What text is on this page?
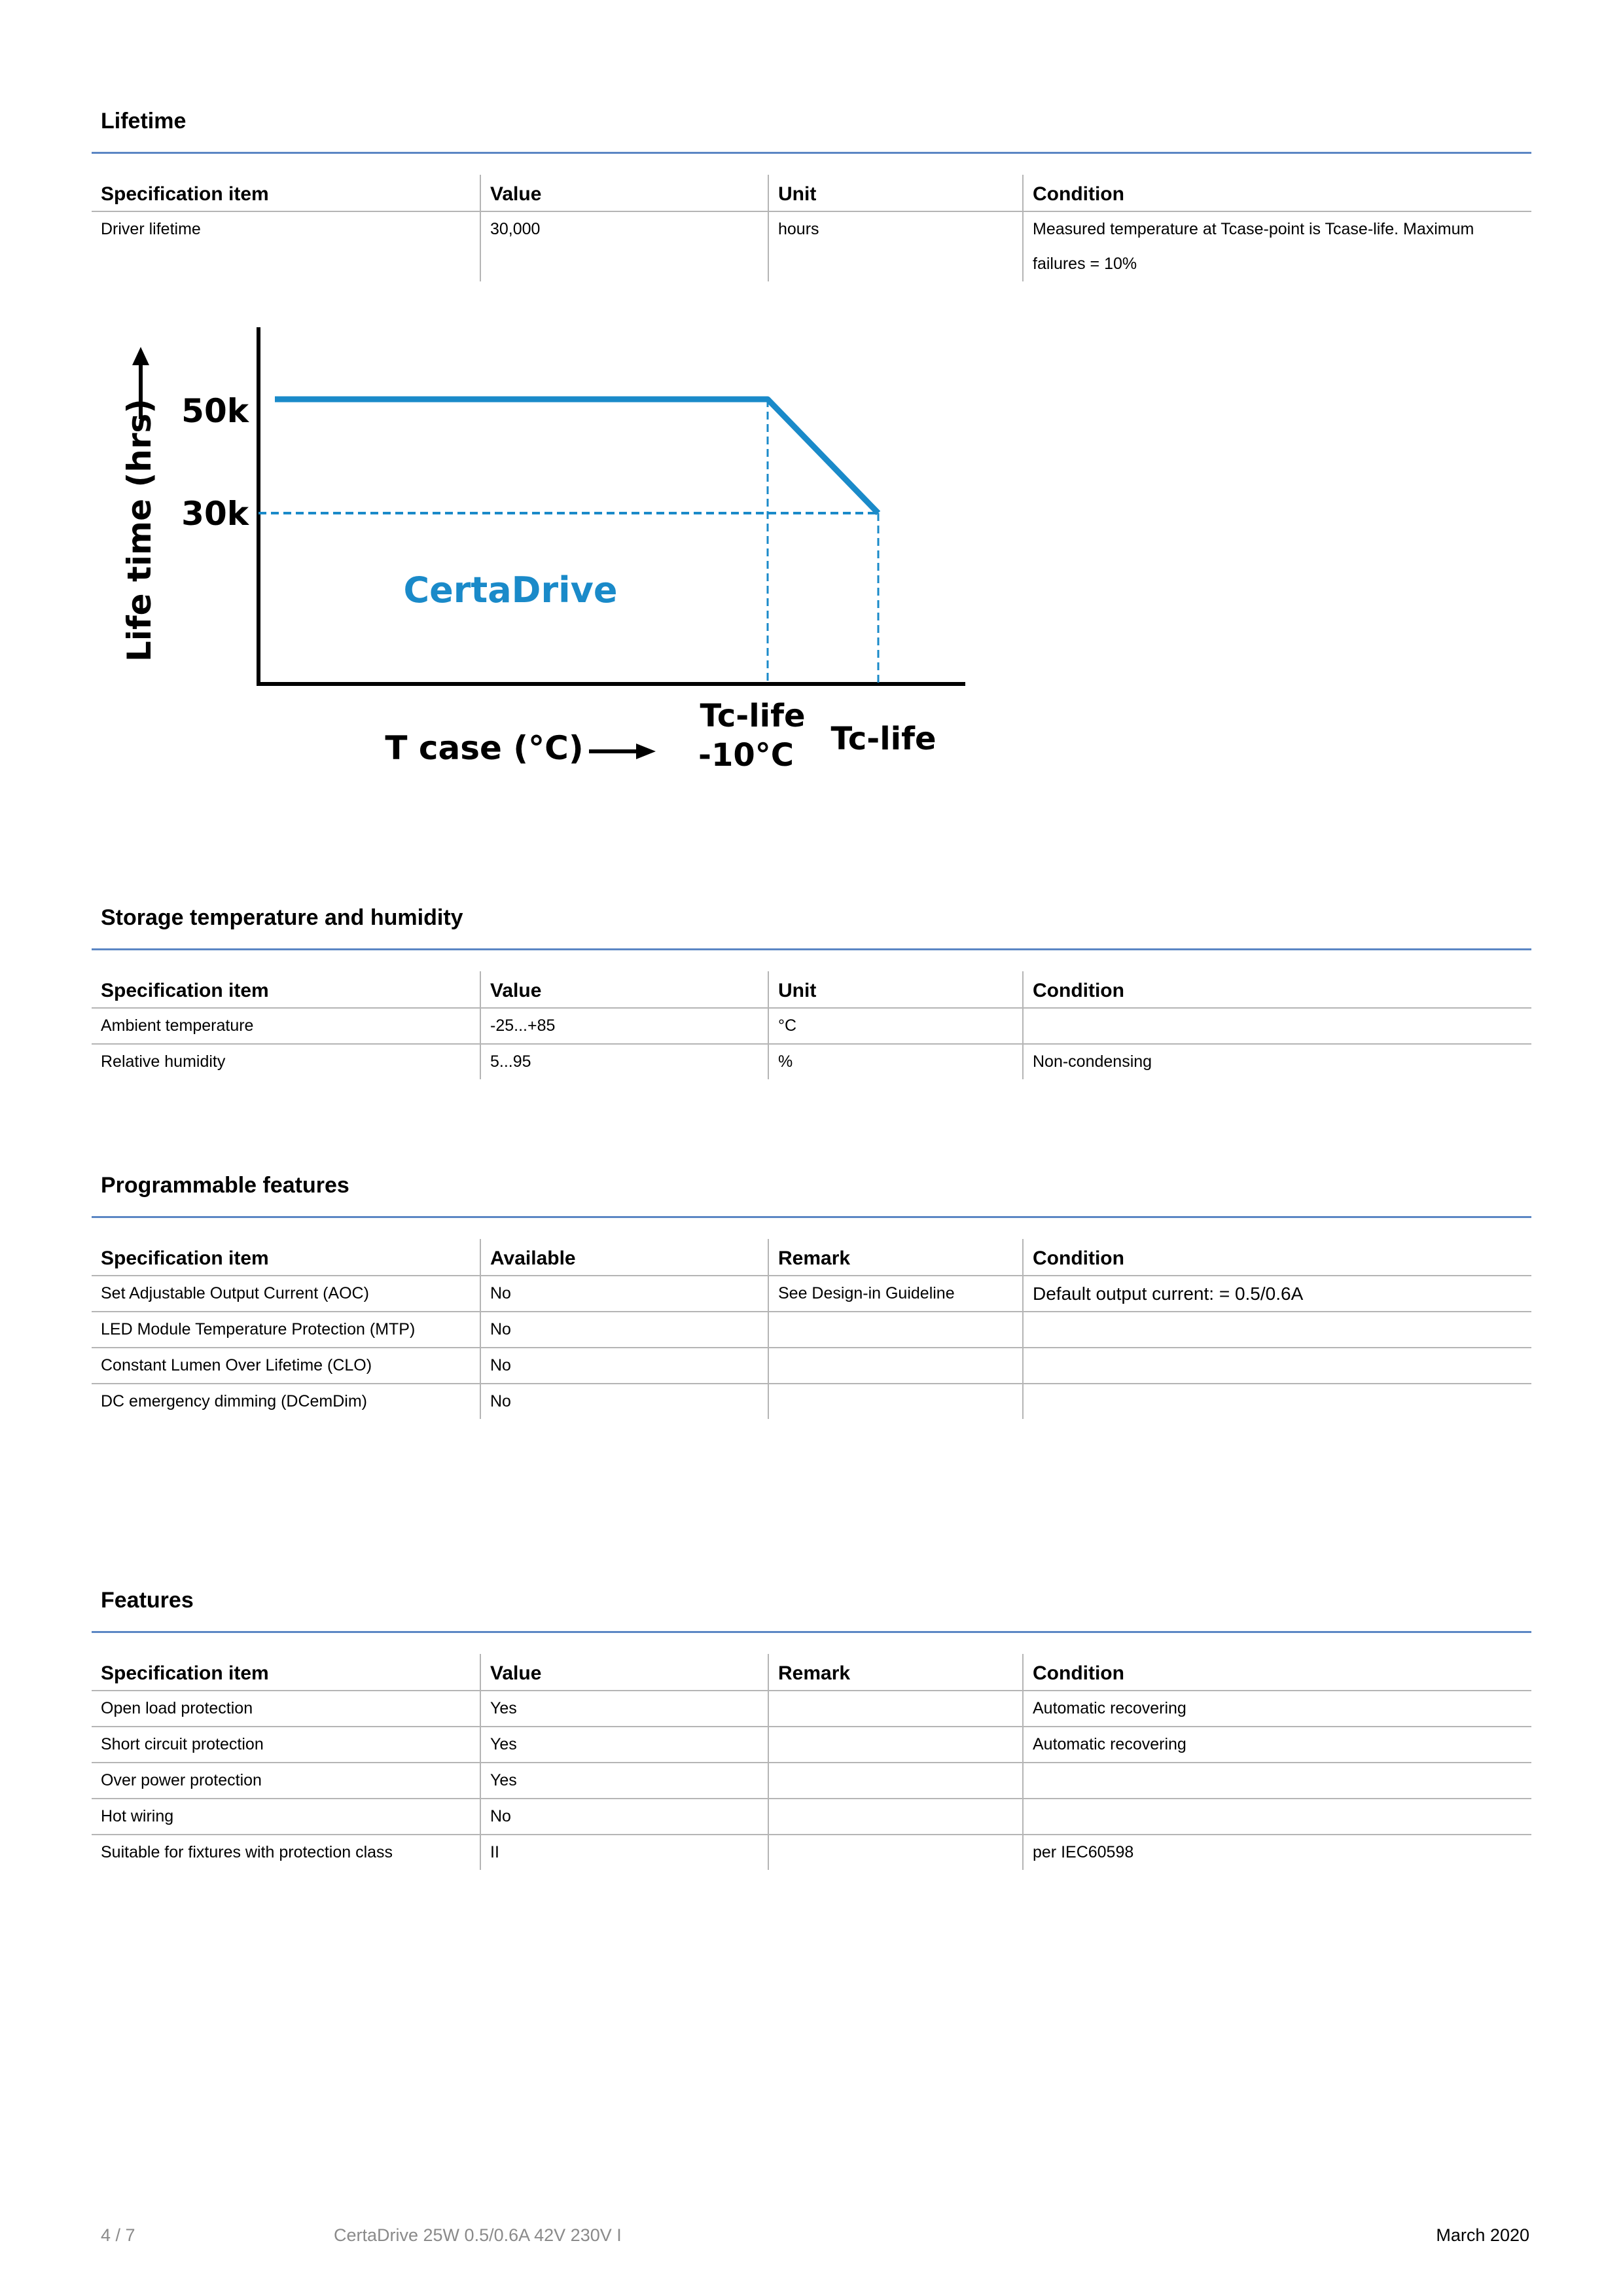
Lifetime
Specification item	Value	Unit	Condition
Driver lifetime	30,000	hours	Measured temperature at Tcase-point is Tcase-life. Maximum failures = 10%
Life time (hrs) 50k
30k
CertaDrive
T case (°C)
Tc-life -10°C	Tc-life
Storage temperature and humidity
Specification item	Value	Unit	Condition
Ambient temperature	-25...+85	°C	
Relative humidity	5...95	%	Non-condensing
Programmable features
Specification item	Available	Remark	Condition
Set Adjustable Output Current (AOC)	No	See Design-in Guideline	Default output current: = 0.5/0.6A
LED Module Temperature Protection (MTP)	No		
Constant Lumen Over Lifetime (CLO)	No		
DC emergency dimming (DCemDim)	No		
Features
Specification item	Value	Remark	Condition
Open load protection	Yes		Automatic recovering
Short circuit protection	Yes		Automatic recovering
Over power protection	Yes		
Hot wiring	No		
Suitable for fixtures with protection class	II		per IEC60598
4 / 7	CertaDrive 25W 0.5/0.6A 42V 230V I	March 2020
